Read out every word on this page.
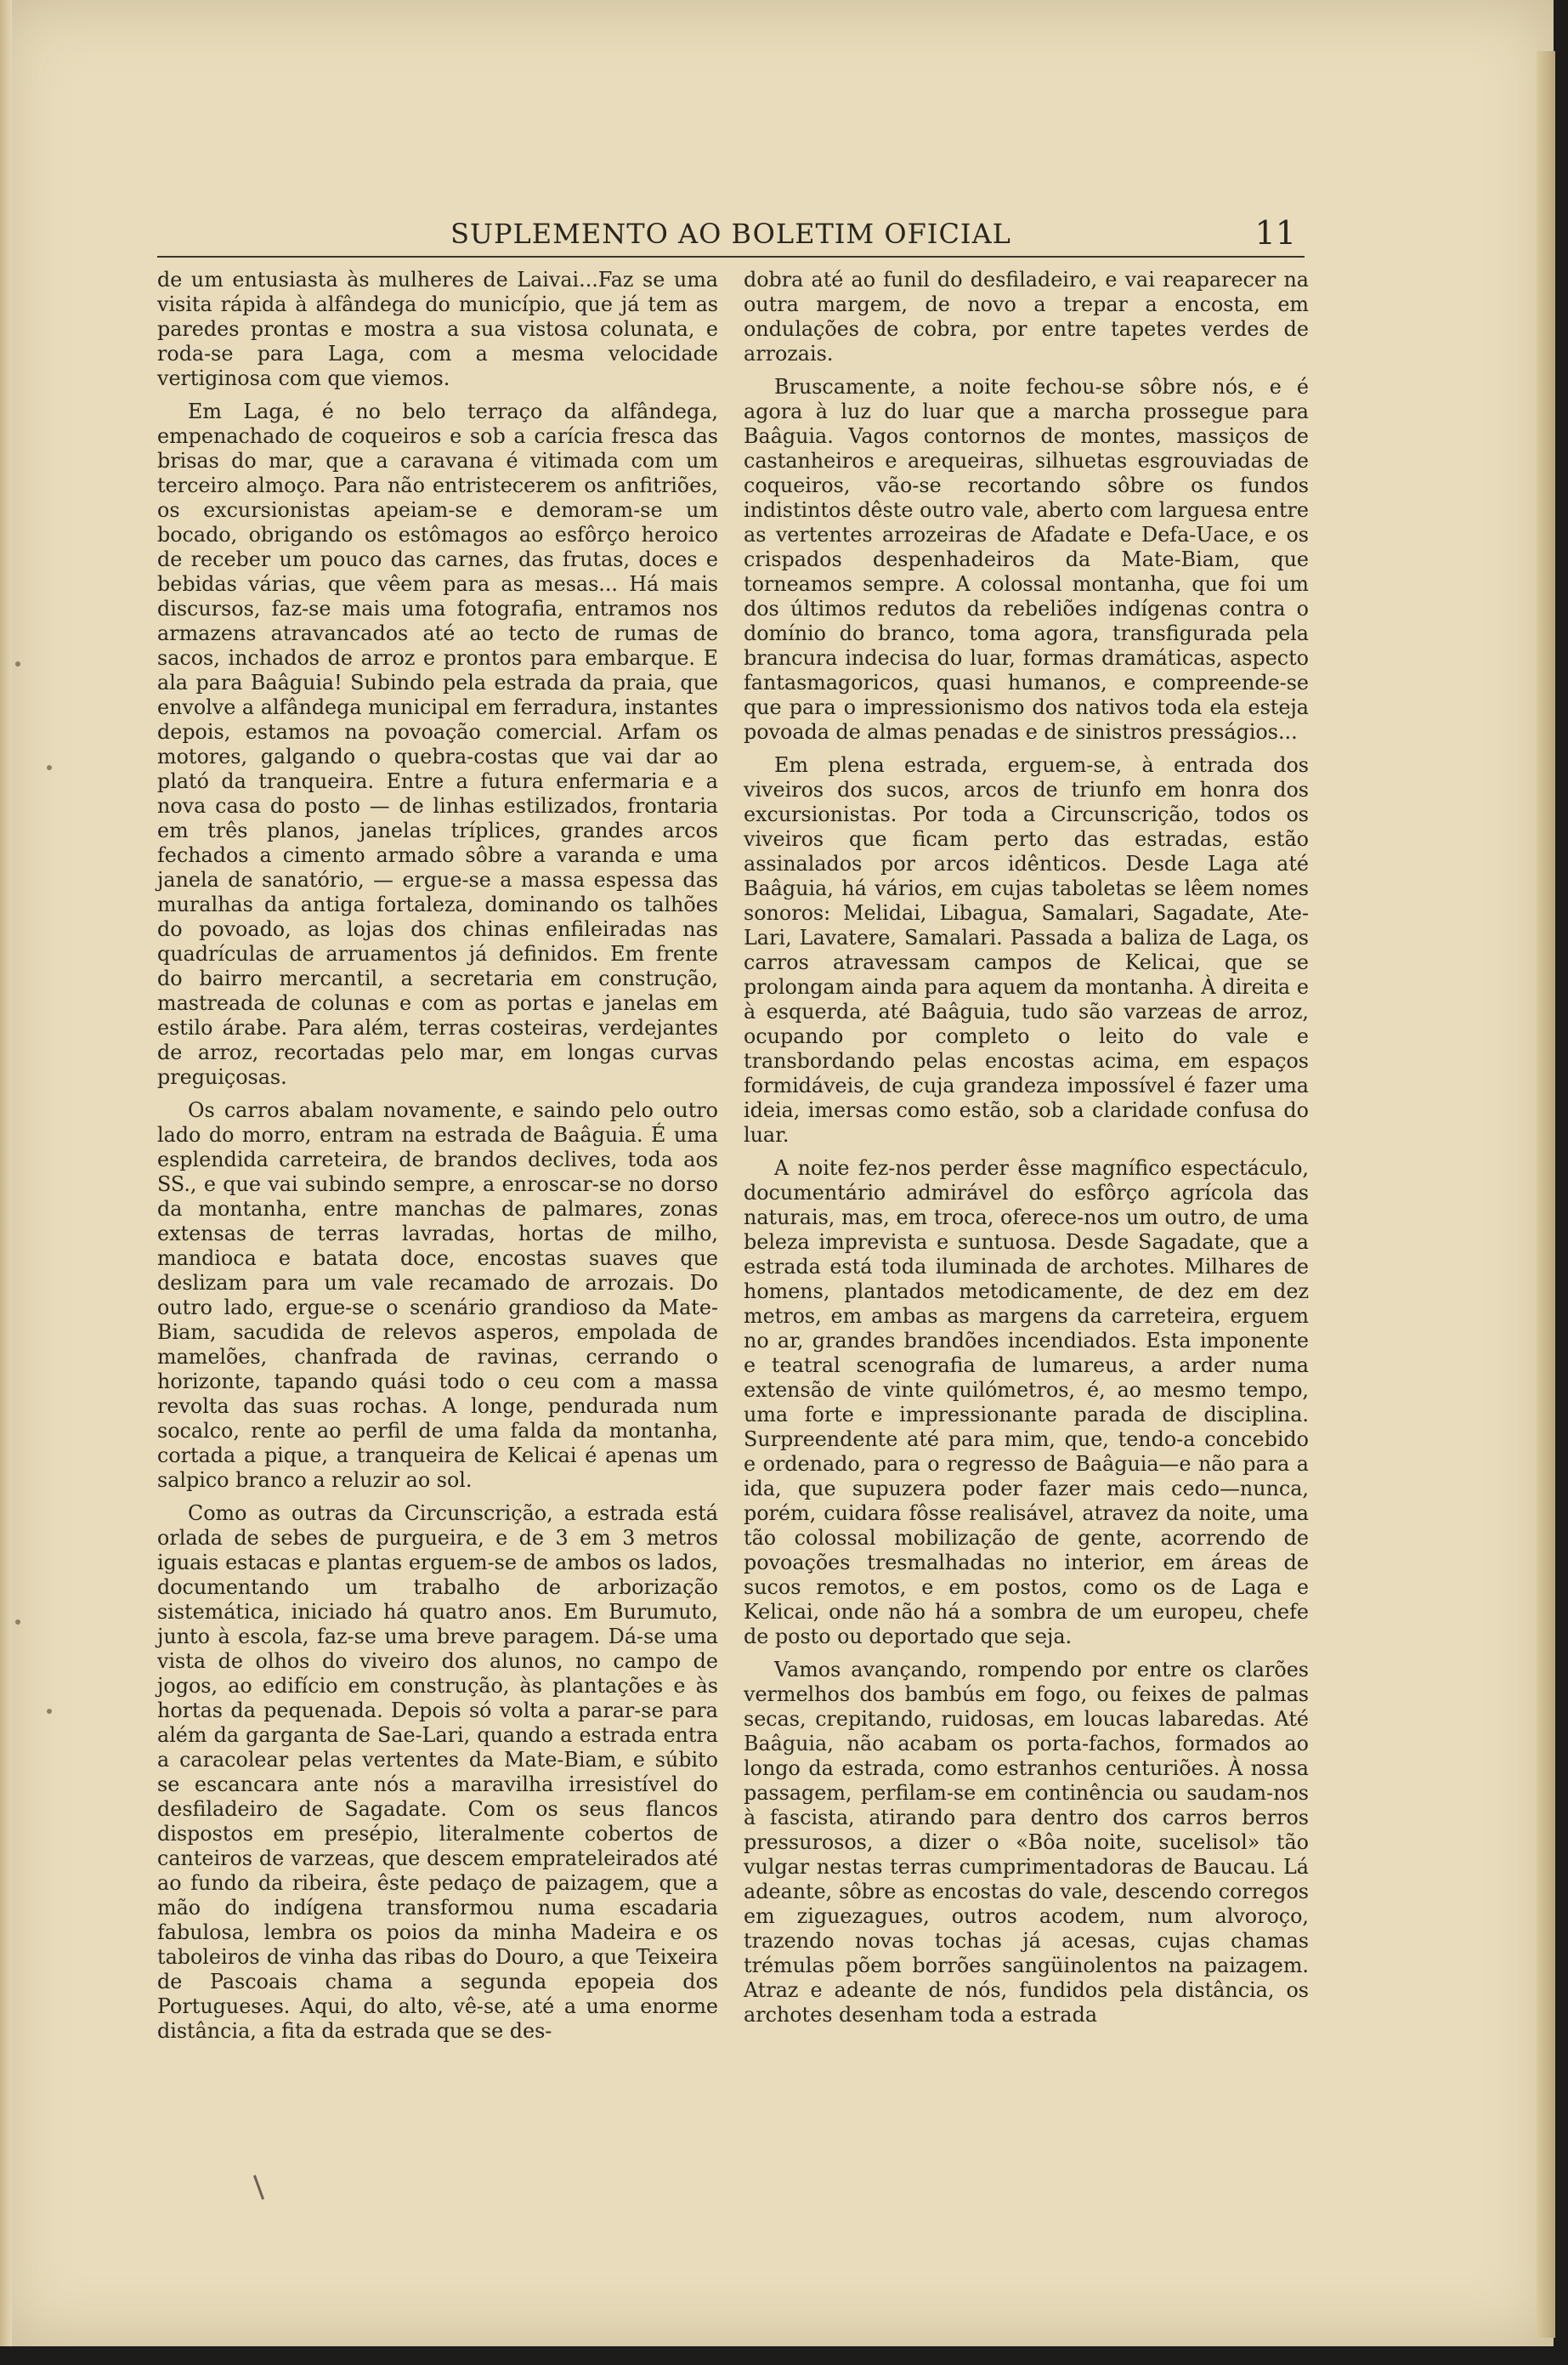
SUPLEMENTO AO BOLETIM OFICIAL	11

de um entusiasta às mulheres de Laivai...Faz se uma visita rápida à alfândega do município, que já tem as paredes prontas e mostra a sua vistosa colunata, e roda-se para Laga, com a mesma velocidade vertiginosa com que viemos.

Em Laga, é no belo terraço da alfândega, empenachado de coqueiros e sob a carícia fresca das brisas do mar, que a caravana é vitimada com um terceiro almoço. Para não entristecerem os anfitriões, os excursionistas apeiam-se e demoram-se um bocado, obrigando os estômagos ao esfôrço heroico de receber um pouco das carnes, das frutas, doces e bebidas várias, que vêem para as mesas... Há mais discursos, faz-se mais uma fotografia, entramos nos armazens atravancados até ao tecto de rumas de sacos, inchados de arroz e prontos para embarque. E ala para Baâguia! Subindo pela estrada da praia, que envolve a alfândega municipal em ferradura, instantes depois, estamos na povoação comercial. Arfam os motores, galgando o quebra-costas que vai dar ao plató da tranqueira. Entre a futura enfermaria e a nova casa do posto — de linhas estilizados, frontaria em três planos, janelas tríplices, grandes arcos fechados a cimento armado sôbre a varanda e uma janela de sanatório, — ergue-se a massa espessa das muralhas da antiga fortaleza, dominando os talhões do povoado, as lojas dos chinas enfileiradas nas quadrículas de arruamentos já definidos. Em frente do bairro mercantil, a secretaria em construção, mastreada de colunas e com as portas e janelas em estilo árabe. Para além, terras costeiras, verdejantes de arroz, recortadas pelo mar, em longas curvas preguiçosas.

Os carros abalam novamente, e saindo pelo outro lado do morro, entram na estrada de Baâguia. É uma esplendida carreteira, de brandos declives, toda aos SS., e que vai subindo sempre, a enroscar-se no dorso da montanha, entre manchas de palmares, zonas extensas de terras lavradas, hortas de milho, mandioca e batata doce, encostas suaves que deslizam para um vale recamado de arrozais. Do outro lado, ergue-se o scenário grandioso da Mate-Biam, sacudida de relevos asperos, empolada de mamelões, chanfrada de ravinas, cerrando o horizonte, tapando quási todo o ceu com a massa revolta das suas rochas. A longe, pendurada num socalco, rente ao perfil de uma falda da montanha, cortada a pique, a tranqueira de Kelicai é apenas um salpico branco a reluzir ao sol.

Como as outras da Circunscrição, a estrada está orlada de sebes de purgueira, e de 3 em 3 metros iguais estacas e plantas erguem-se de ambos os lados, documentando um trabalho de arborização sistemática, iniciado há quatro anos. Em Burumuto, junto à escola, faz-se uma breve paragem. Dá-se uma vista de olhos do viveiro dos alunos, no campo de jogos, ao edifício em construção, às plantações e às hortas da pequenada. Depois só volta a parar-se para além da garganta de Sae-Lari, quando a estrada entra a caracolear pelas vertentes da Mate-Biam, e súbito se escancara ante nós a maravilha irresistível do desfiladeiro de Sagadate. Com os seus flancos dispostos em presépio, literalmente cobertos de canteiros de varzeas, que descem emprateleirados até ao fundo da ribeira, êste pedaço de paizagem, que a mão do indígena transformou numa escadaria fabulosa, lembra os poios da minha Madeira e os taboleiros de vinha das ribas do Douro, a que Teixeira de Pascoais chama a segunda epopeia dos Portugueses. Aqui, do alto, vê-se, até a uma enorme distância, a fita da estrada que se des-

dobra até ao funil do desfiladeiro, e vai reaparecer na outra margem, de novo a trepar a encosta, em ondulações de cobra, por entre tapetes verdes de arrozais.

Bruscamente, a noite fechou-se sôbre nós, e é agora à luz do luar que a marcha prossegue para Baâguia. Vagos contornos de montes, massiços de castanheiros e arequeiras, silhuetas esgrouviadas de coqueiros, vão-se recortando sôbre os fundos indistintos dêste outro vale, aberto com larguesa entre as vertentes arrozeiras de Afadate e Defa-Uace, e os crispados despenhadeiros da Mate-Biam, que torneamos sempre. A colossal montanha, que foi um dos últimos redutos da rebeliões indígenas contra o domínio do branco, toma agora, transfigurada pela brancura indecisa do luar, formas dramáticas, aspecto fantasmagoricos, quasi humanos, e compreende-se que para o impressionismo dos nativos toda ela esteja povoada de almas penadas e de sinistros presságios...

Em plena estrada, erguem-se, à entrada dos viveiros dos sucos, arcos de triunfo em honra dos excursionistas. Por toda a Circunscrição, todos os viveiros que ficam perto das estradas, estão assinalados por arcos idênticos. Desde Laga até Baâguia, há vários, em cujas taboletas se lêem nomes sonoros: Melidai, Libagua, Samalari, Sagadate, Ate-Lari, Lavatere, Samalari. Passada a baliza de Laga, os carros atravessam campos de Kelicai, que se prolongam ainda para aquem da montanha. À direita e à esquerda, até Baâguia, tudo são varzeas de arroz, ocupando por completo o leito do vale e transbordando pelas encostas acima, em espaços formidáveis, de cuja grandeza impossível é fazer uma ideia, imersas como estão, sob a claridade confusa do luar.

A noite fez-nos perder êsse magnífico espectáculo, documentário admirável do esfôrço agrícola das naturais, mas, em troca, oferece-nos um outro, de uma beleza imprevista e suntuosa. Desde Sagadate, que a estrada está toda iluminada de archotes. Milhares de homens, plantados metodicamente, de dez em dez metros, em ambas as margens da carreteira, erguem no ar, grandes brandões incendiados. Esta imponente e teatral scenografia de lumareus, a arder numa extensão de vinte quilómetros, é, ao mesmo tempo, uma forte e impressionante parada de disciplina. Surpreendente até para mim, que, tendo-a concebido e ordenado, para o regresso de Baâguia—e não para a ida, que supuzera poder fazer mais cedo—nunca, porém, cuidara fôsse realisável, atravez da noite, uma tão colossal mobilização de gente, acorrendo de povoações tresmalhadas no interior, em áreas de sucos remotos, e em postos, como os de Laga e Kelicai, onde não há a sombra de um europeu, chefe de posto ou deportado que seja.

Vamos avançando, rompendo por entre os clarões vermelhos dos bambús em fogo, ou feixes de palmas secas, crepitando, ruidosas, em loucas labaredas. Até Baâguia, não acabam os porta-fachos, formados ao longo da estrada, como estranhos centuriões. À nossa passagem, perfilam-se em continência ou saudam-nos à fascista, atirando para dentro dos carros berros pressurosos, a dizer o «Bôa noite, sucelisol» tão vulgar nestas terras cumprimentadoras de Baucau. Lá adeante, sôbre as encostas do vale, descendo corregos em ziguezagues, outros acodem, num alvoroço, trazendo novas tochas já acesas, cujas chamas trémulas põem borrões sangüinolentos na paizagem. Atraz e adeante de nós, fundidos pela distância, os archotes desenham toda a estrada
